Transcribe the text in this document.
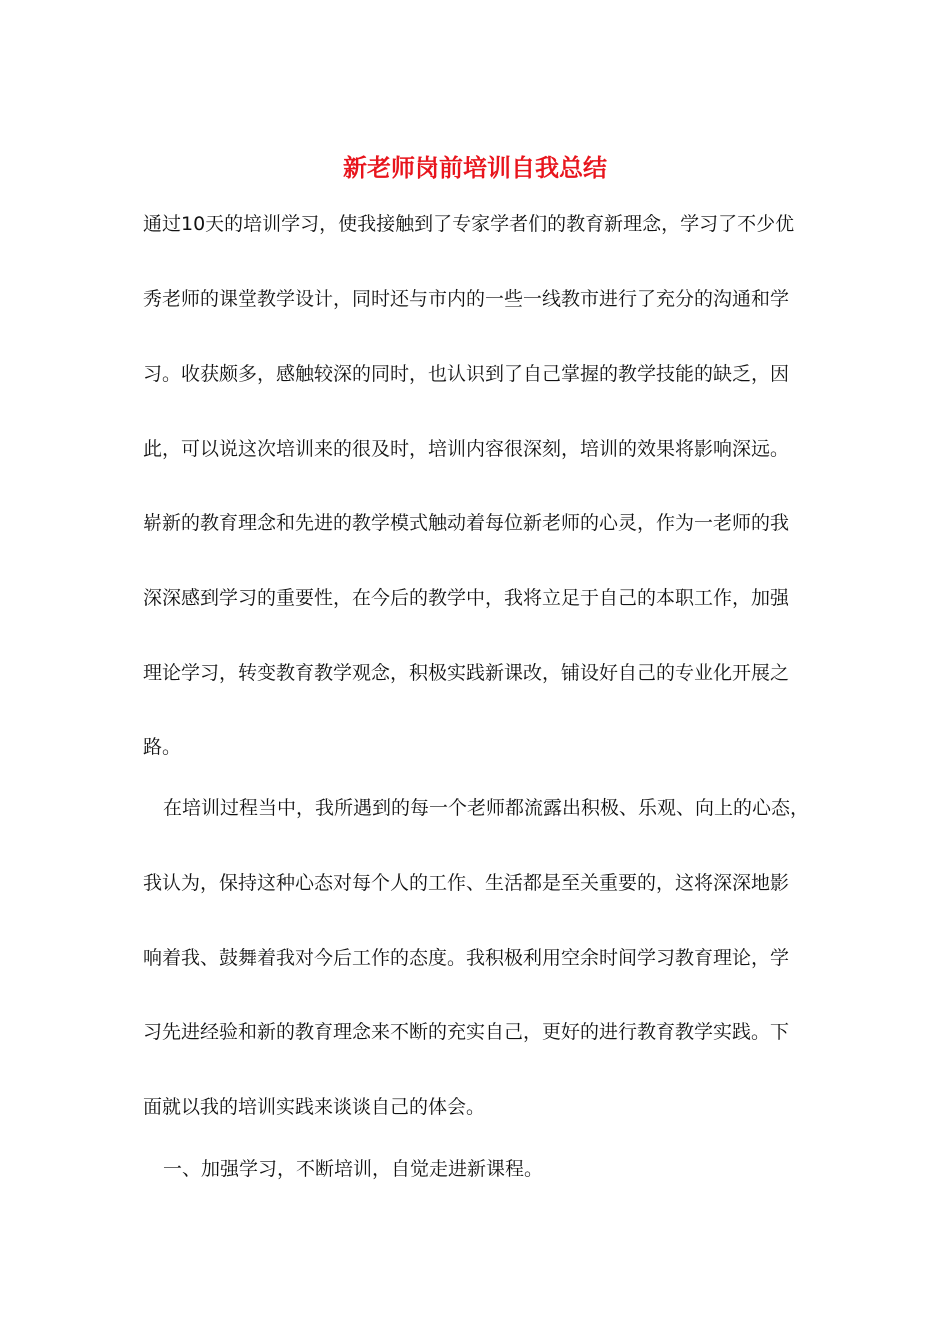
新老师岗前培训自我总结

通过10天的培训学习，使我接触到了专家学者们的教育新理念，学习了不少优

秀老师的课堂教学设计，同时还与市内的一些一线教市进行了充分的沟通和学

习。收获颇多，感触较深的同时，也认识到了自己掌握的教学技能的缺乏，因

此，可以说这次培训来的很及时，培训内容很深刻，培训的效果将影响深远。

崭新的教育理念和先进的教学模式触动着每位新老师的心灵，作为一老师的我

深深感到学习的重要性，在今后的教学中，我将立足于自己的本职工作，加强

理论学习，转变教育教学观念，积极实践新课改，铺设好自己的专业化开展之

路。

在培训过程当中，我所遇到的每一个老师都流露出积极、乐观、向上的心态，

我认为，保持这种心态对每个人的工作、生活都是至关重要的，这将深深地影

响着我、鼓舞着我对今后工作的态度。我积极利用空余时间学习教育理论，学

习先进经验和新的教育理念来不断的充实自己，更好的进行教育教学实践。下

面就以我的培训实践来谈谈自己的体会。

一、加强学习，不断培训，自觉走进新课程。
